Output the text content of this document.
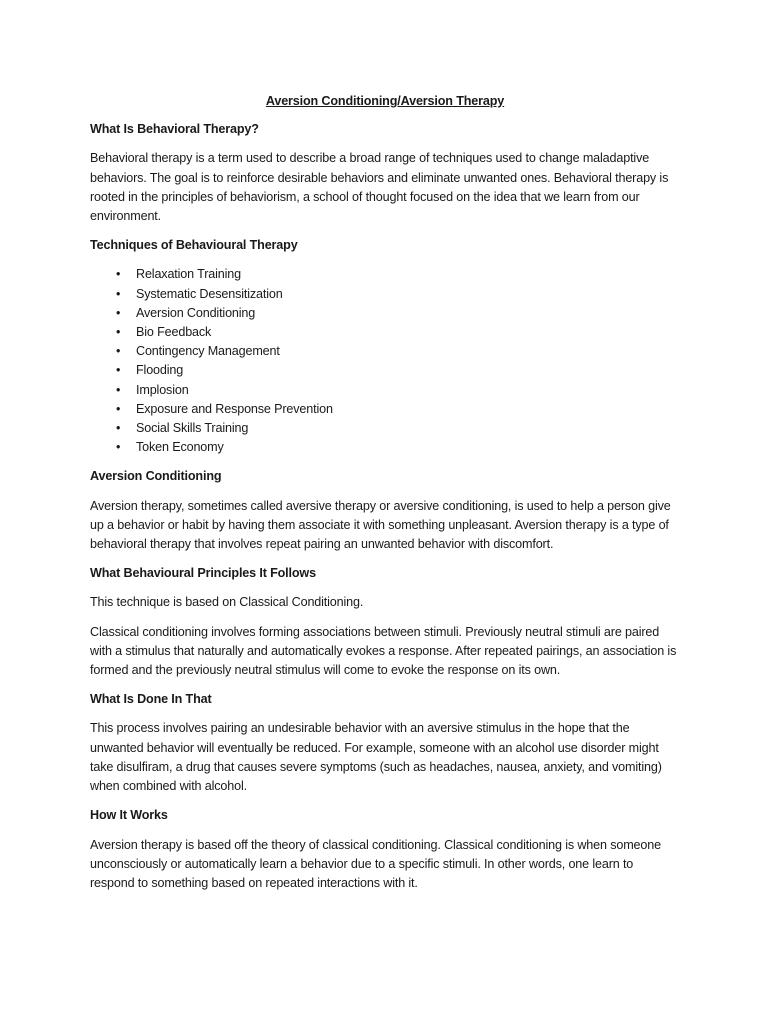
Aversion Conditioning/Aversion Therapy
What Is Behavioral Therapy?

Behavioral therapy is a term used to describe a broad range of techniques used to change maladaptive behaviors. The goal is to reinforce desirable behaviors and eliminate unwanted ones. Behavioral therapy is rooted in the principles of behaviorism, a school of thought focused on the idea that we learn from our environment.

Techniques of Behavioural Therapy
• Relaxation Training
• Systematic Desensitization
• Aversion Conditioning
• Bio Feedback
• Contingency Management
• Flooding
• Implosion
• Exposure and Response Prevention
• Social Skills Training
• Token Economy
Aversion Conditioning

Aversion therapy, sometimes called aversive therapy or aversive conditioning, is used to help a person give up a behavior or habit by having them associate it with something unpleasant. Aversion therapy is a type of behavioral therapy that involves repeat pairing an unwanted behavior with discomfort.

What Behavioural Principles It Follows

This technique is based on Classical Conditioning.

Classical conditioning involves forming associations between stimuli. Previously neutral stimuli are paired with a stimulus that naturally and automatically evokes a response. After repeated pairings, an association is formed and the previously neutral stimulus will come to evoke the response on its own.

What Is Done In That

This process involves pairing an undesirable behavior with an aversive stimulus in the hope that the unwanted behavior will eventually be reduced. For example, someone with an alcohol use disorder might take disulfiram, a drug that causes severe symptoms (such as headaches, nausea, anxiety, and vomiting) when combined with alcohol.

How It Works

Aversion therapy is based off the theory of classical conditioning. Classical conditioning is when someone unconsciously or automatically learn a behavior due to a specific stimuli. In other words, one learn to respond to something based on repeated interactions with it.
